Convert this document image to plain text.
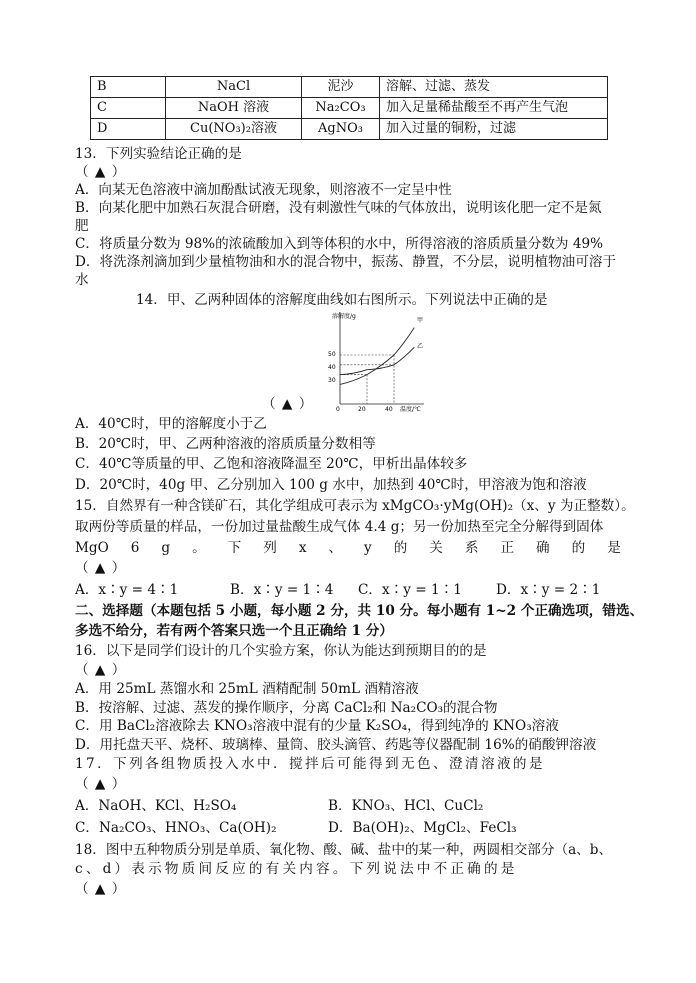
B	NaCl	泥沙	溶解、过滤、蒸发
C	NaOH 溶液	Na₂CO₃	加入足量稀盐酸至不再产生气泡
D	Cu(NO₃)₂溶液	AgNO₃	加入过量的铜粉，过滤
13．下列实验结论正确的是
（ ▲ ）
A．向某无色溶液中滴加酚酞试液无现象，则溶液不一定呈中性
B．向某化肥中加熟石灰混合研磨，没有刺激性气味的气体放出，说明该化肥一定不是氮
肥
C．将质量分数为 98%的浓硫酸加入到等体积的水中，所得溶液的溶质质量分数为 49%
D．将洗涤剂滴加到少量植物油和水的混合物中，振荡、静置，不分层，说明植物油可溶于
水
14．甲、乙两种固体的溶解度曲线如右图所示。下列说法中正确的是
溶解度/g
温度/℃
0	20	40
30
40
50
甲
乙
（ ▲ ）
A．40℃时，甲的溶解度小于乙
B．20℃时，甲、乙两种溶液的溶质质量分数相等
C．40℃等质量的甲、乙饱和溶液降温至 20℃，甲析出晶体较多
D．20℃时，40g 甲、乙分别加入 100 g 水中，加热到 40℃时，甲溶液为饱和溶液
15．自然界有一种含镁矿石，其化学组成可表示为 xMgCO₃·yMg(OH)₂（x、y 为正整数）。
取两份等质量的样品，一份加过量盐酸生成气体 4.4 g；另一份加热至完全分解得到固体
MgO 6 g 。 下 列 x 、 y 的 关 系 正 确 的 是
（ ▲ ）
A．x∶y = 4∶1	B．x∶y = 1∶4 C．x∶y = 1∶1	D．x∶y = 2∶1
二、选择题（本题包括 5 小题，每小题 2 分，共 10 分。每小题有 1~2 个正确选项，错选、
多选不给分，若有两个答案只选一个且正确给 1 分）
16．以下是同学们设计的几个实验方案，你认为能达到预期目的的是
（ ▲ ）
A．用 25mL 蒸馏水和 25mL 酒精配制 50mL 酒精溶液
B．按溶解、过滤、蒸发的操作顺序，分离 CaCl₂和 Na₂CO₃的混合物
C．用 BaCl₂溶液除去 KNO₃溶液中混有的少量 K₂SO₄，得到纯净的 KNO₃溶液
D．用托盘天平、烧杯、玻璃棒、量筒、胶头滴管、药匙等仪器配制 16%的硝酸钾溶液
17．下列各组物质投入水中．搅拌后可能得到无色、澄清溶液的是
（ ▲ ）
A．NaOH、KCl、H₂SO₄	B．KNO₃、HCl、CuCl₂
C．Na₂CO₃、HNO₃、Ca(OH)₂	D．Ba(OH)₂、MgCl₂、FeCl₃
18．图中五种物质分别是单质、氧化物、酸、碱、盐中的某一种，两圆相交部分（a、b、
c、d）表示物质间反应的有关内容。下列说法中不正确的是
（ ▲ ）
